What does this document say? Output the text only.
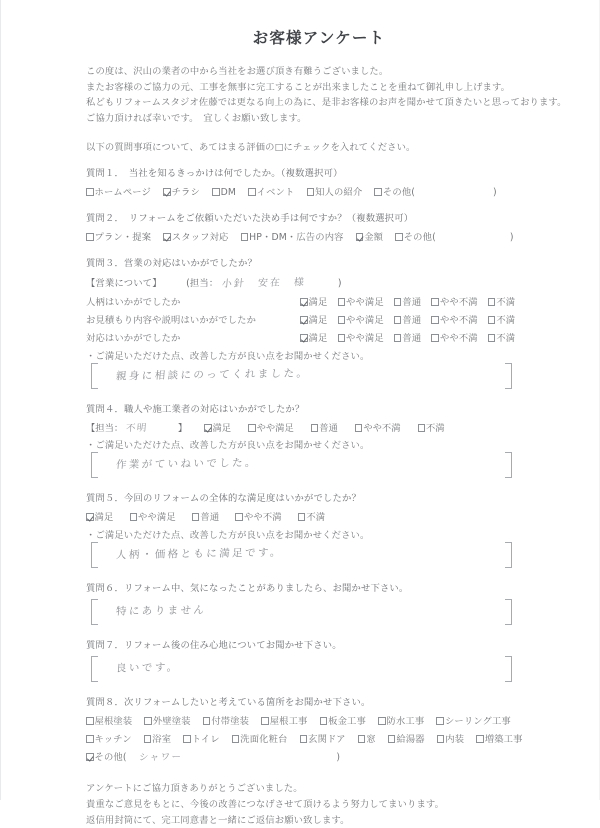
お客様アンケート
この度は、沢山の業者の中から当社をお選び頂き有難うございました。
またお客様のご協力の元、工事を無事に完工することが出来ましたことを重ねて御礼申し上げます。
私どもリフォームスタジオ佐藤では更なる向上の為に、是非お客様のお声を聞かせて頂きたいと思っております。
ご協力頂ければ幸いです。　宜しくお願い致します。
以下の質問事項について、あてはまる評価の□にチェックを入れてください。
質問１．　当社を知るきっかけは何でしたか。（複数選択可）
ホームページ チラシ DM イベント 知人の紹介 その他(	)
質問２．　リフォームをご依頼いただいた決め手は何ですか？（複数選択可）
プラン・提案 スタッフ対応 HP・DM・広告の内容 金額 その他(	)
質問３．営業の対応はいかがでしたか？
【営業について】	(担当： 小針　安在　様	)
人柄はいかがでしたか	満足 やや満足 普通 やや不満 不満
お見積もり内容や説明はいかがでしたか	満足 やや満足 普通 やや不満 不満
対応はいかがでしたか	満足 やや満足 普通 やや不満 不満
・ご満足いただけた点、改善した方が良い点をお聞かせください。
親身に相談にのってくれました。
質問４．職人や施工業者の対応はいかがでしたか？
【担当： 不明	】	満足	やや満足	普通	やや不満	不満
・ご満足いただけた点、改善した方が良い点をお聞かせください。
作業がていねいでした。
質問５．今回のリフォームの全体的な満足度はいかがでしたか？
満足	やや満足	普通	やや不満	不満
・ご満足いただけた点、改善した方が良い点をお聞かせください。
人柄・価格ともに満足です。
質問６．リフォーム中、気になったことがありましたら、お聞かせ下さい。
特にありません
質問７．リフォーム後の住み心地についてお聞かせ下さい。
良いです。
質問８．次リフォームしたいと考えている箇所をお聞かせ下さい。
屋根塗装 外壁塗装 付帯塗装 屋根工事 板金工事 防水工事 シーリング工事
キッチン 浴室 トイレ 洗面化粧台 玄関ドア 窓 給湯器 内装 増築工事
その他( シャワー	)
アンケートにご協力頂きありがとうございました。
貴重なご意見をもとに、今後の改善につなげさせて頂けるよう努力してまいります。
返信用封筒にて、完工同意書と一緒にご返信お願い致します。
